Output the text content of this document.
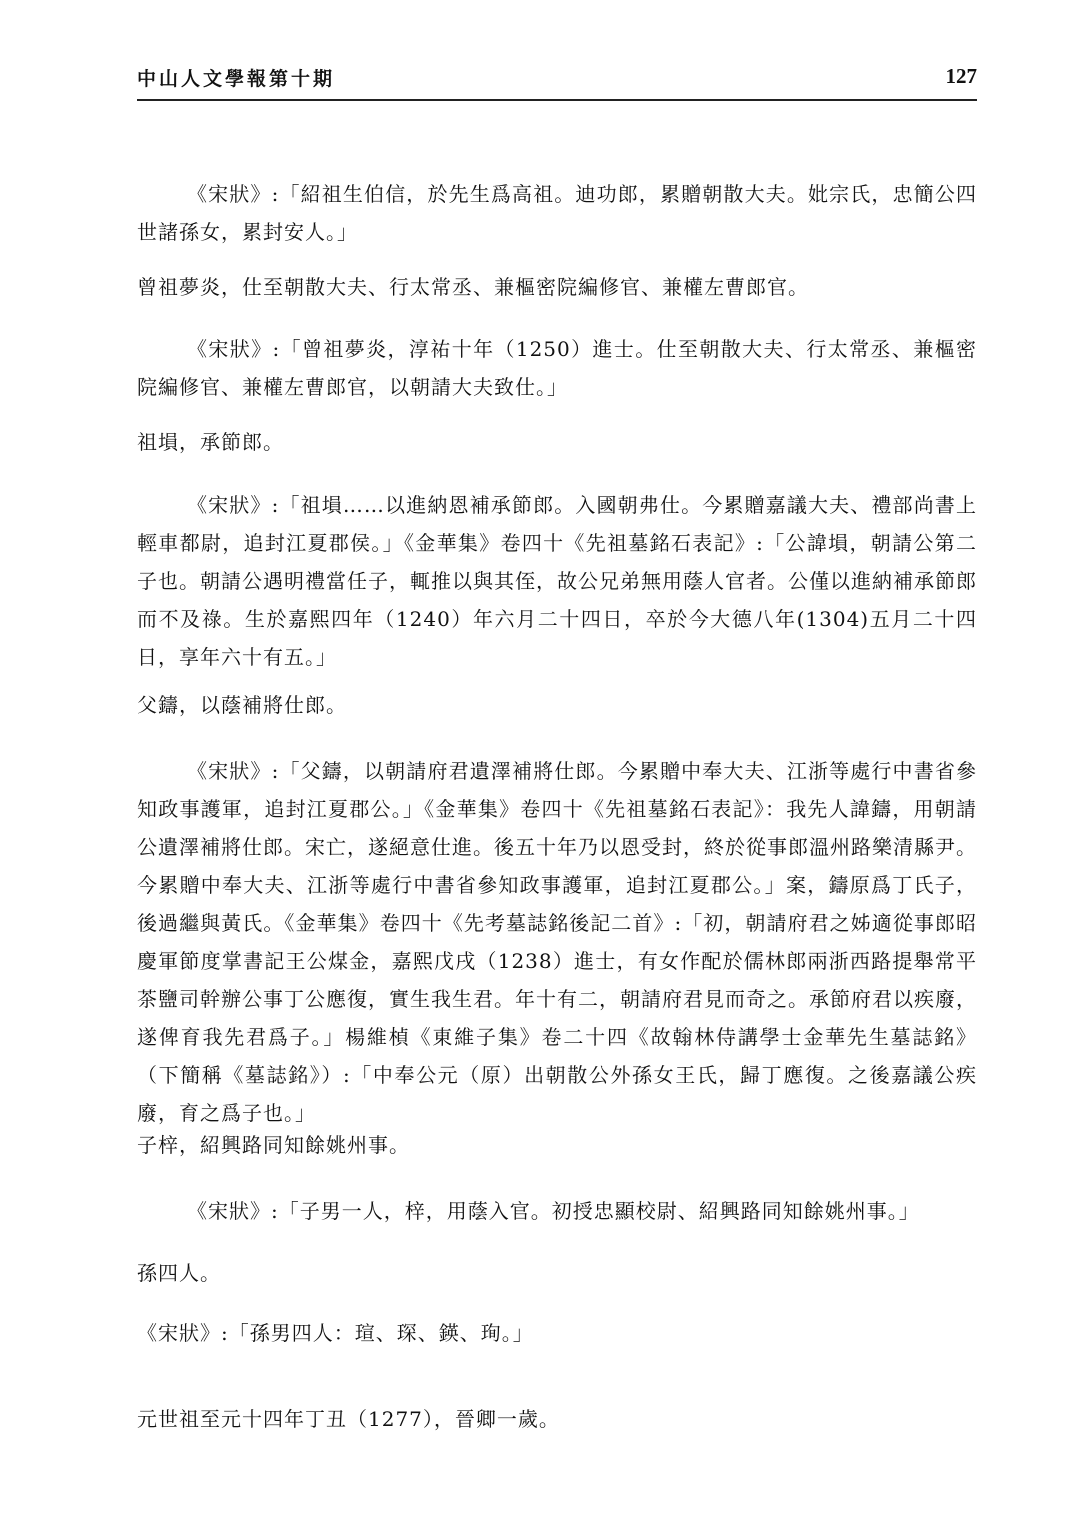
中山人文學報第十期	127

《宋狀》:「紹祖生伯信，於先生爲高祖。迪功郎，累贈朝散大夫。妣宗氏，忠簡公四世諸孫女，累封安人。」

曾祖夢炎，仕至朝散大夫、行太常丞、兼樞密院編修官、兼權左曹郎官。

《宋狀》:「曾祖夢炎，淳祐十年（1250）進士。仕至朝散大夫、行太常丞、兼樞密院編修官、兼權左曹郎官，以朝請大夫致仕。」

祖塤，承節郎。

《宋狀》:「祖塤……以進納恩補承節郎。入國朝弗仕。今累贈嘉議大夫、禮部尚書上輕車都尉，追封江夏郡侯。」《金華集》卷四十《先祖墓銘石表記》:「公諱塤，朝請公第二子也。朝請公遇明禮當任子，輒推以與其侄，故公兄弟無用蔭人官者。公僅以進納補承節郎而不及祿。生於嘉熙四年（1240）年六月二十四日，卒於今大德八年(1304)五月二十四日，享年六十有五。」

父鑄，以蔭補將仕郎。

《宋狀》:「父鑄，以朝請府君遺澤補將仕郎。今累贈中奉大夫、江浙等處行中書省參知政事護軍，追封江夏郡公。」《金華集》卷四十《先祖墓銘石表記》：我先人諱鑄，用朝請公遺澤補將仕郎。宋亡，遂絕意仕進。後五十年乃以恩受封，終於從事郎溫州路樂清縣尹。今累贈中奉大夫、江浙等處行中書省參知政事護軍，追封江夏郡公。」案，鑄原爲丁氏子，後過繼與黃氏。《金華集》卷四十《先考墓誌銘後記二首》:「初，朝請府君之姊適從事郎昭慶軍節度掌書記王公煤金，嘉熙戊戌（1238）進士，有女作配於儒林郎兩浙西路提舉常平茶鹽司幹辦公事丁公應復，實生我生君。年十有二，朝請府君見而奇之。承節府君以疾廢，遂俾育我先君爲子。」楊維楨《東維子集》卷二十四《故翰林侍講學士金華先生墓誌銘》（下簡稱《墓誌銘》）:「中奉公元（原）出朝散公外孫女王氏，歸丁應復。之後嘉議公疾廢，育之爲子也。」

子梓，紹興路同知餘姚州事。

《宋狀》:「子男一人，梓，用蔭入官。初授忠顯校尉、紹興路同知餘姚州事。」

孫四人。

《宋狀》:「孫男四人：瑄、琛、鍈、珣。」

元世祖至元十四年丁丑（1277），晉卿一歲。
